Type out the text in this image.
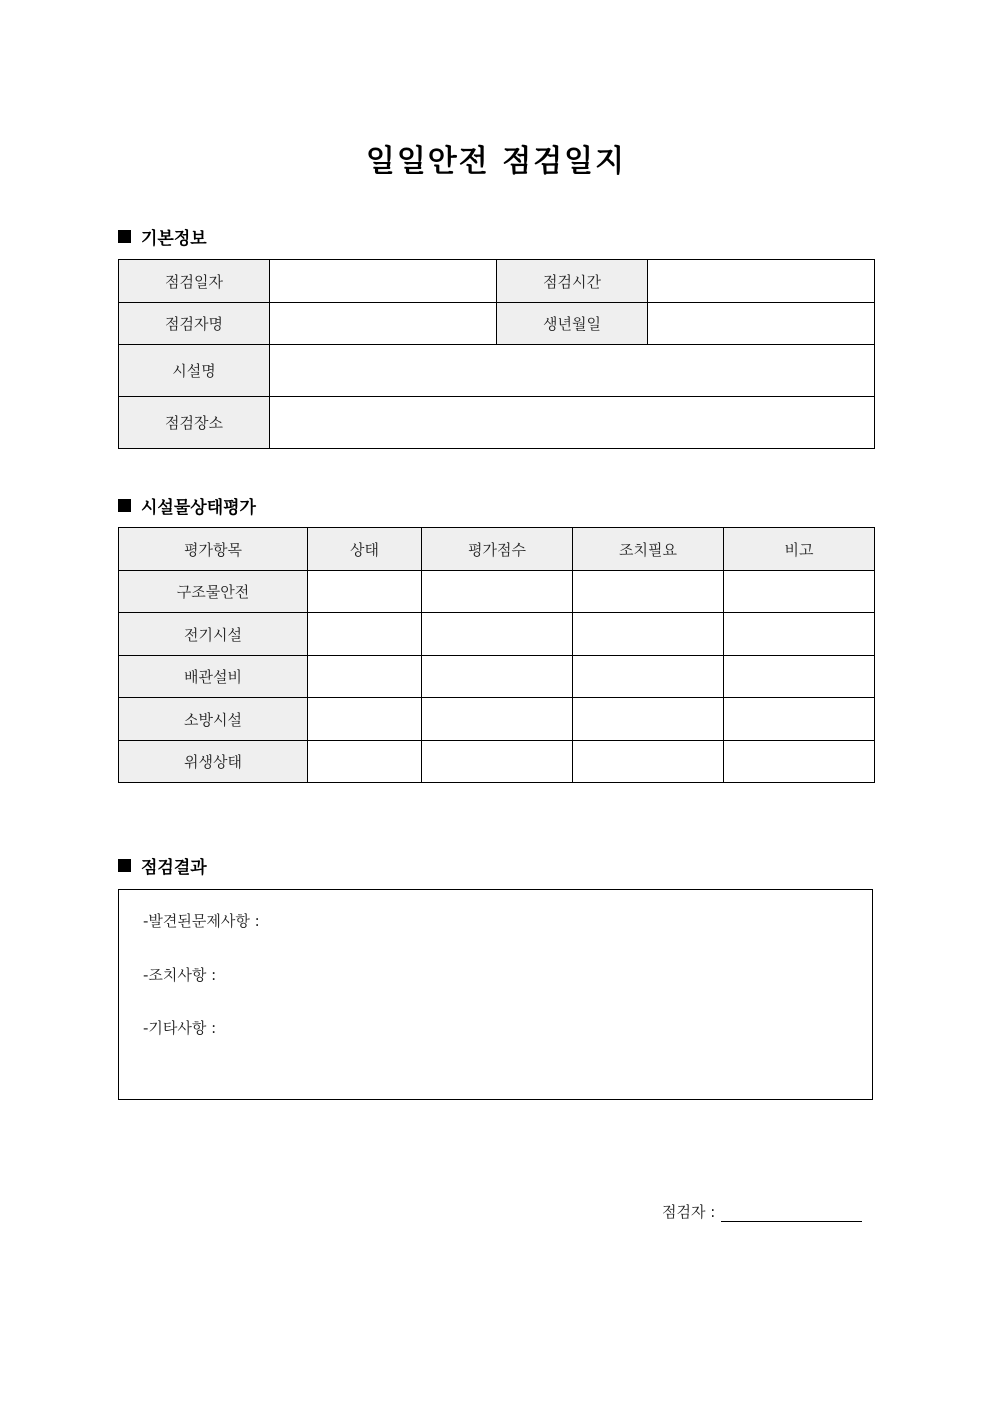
일일안전 점검일지
기본정보
점검일자		점검시간	
점검자명		생년월일	
시설명			
점검장소			
시설물상태평가
평가항목	상태	평가점수	조치필요	비고
구조물안전				
전기시설				
배관설비				
소방시설				
위생상태				
점검결과
-발견된문제사항 :
-조치사항 :
-기타사항 :
점검자 :
